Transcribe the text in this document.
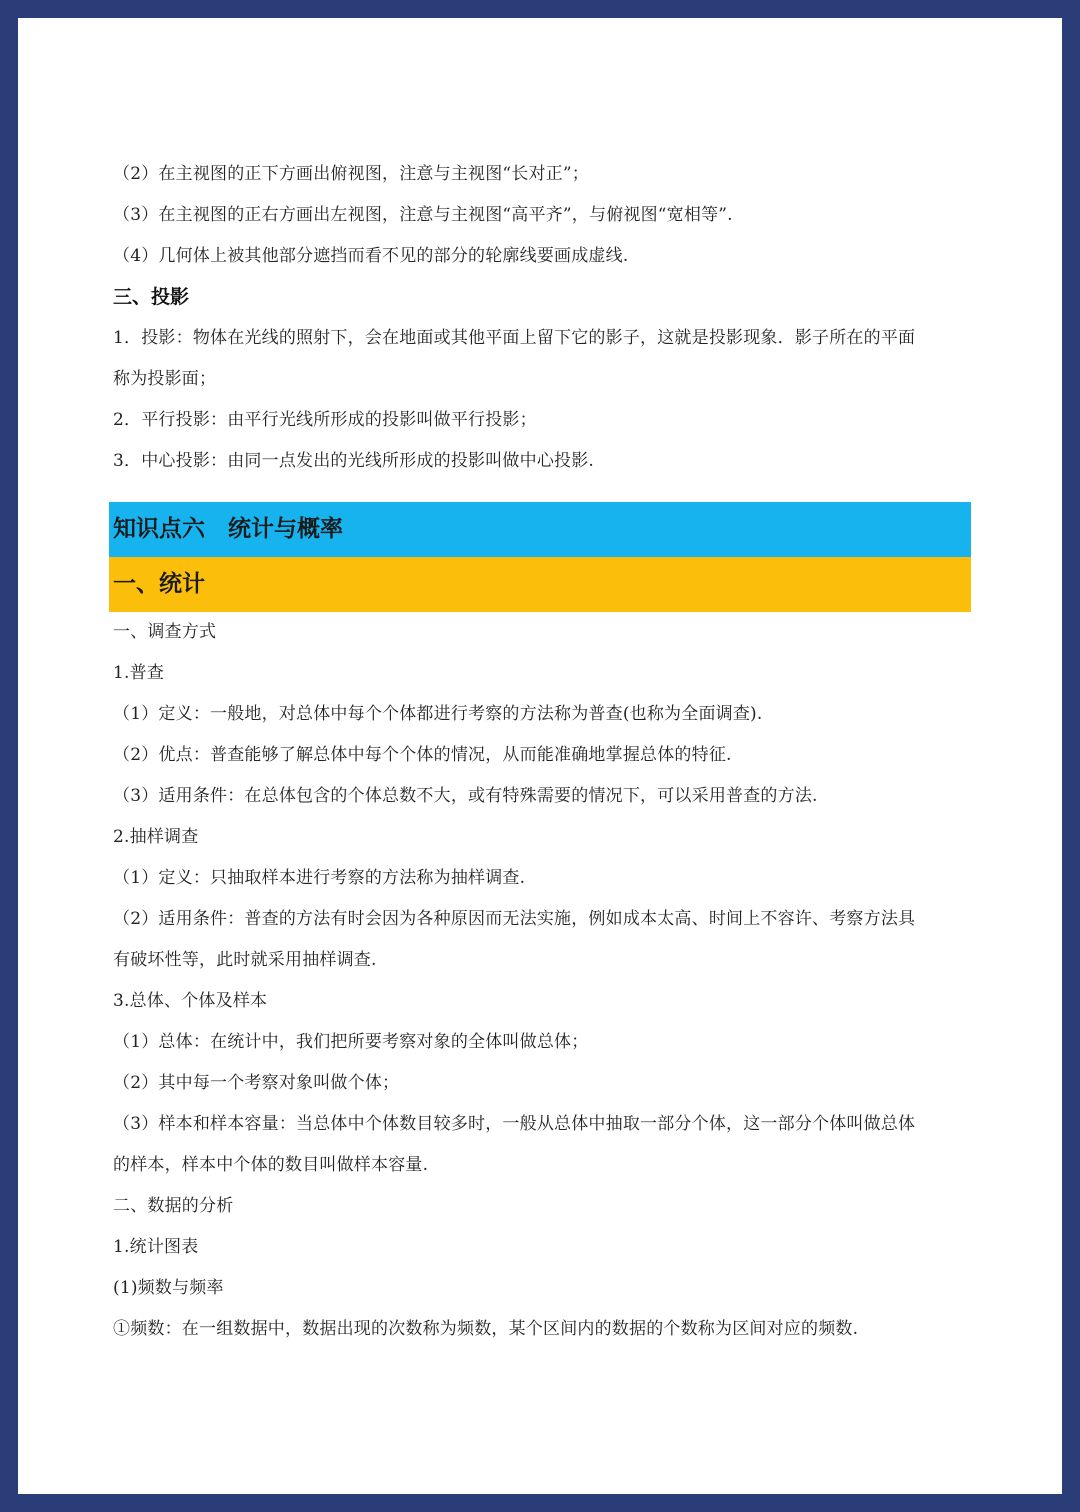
（2）在主视图的正下方画出俯视图，注意与主视图“长对正”；
（3）在主视图的正右方画出左视图，注意与主视图“高平齐”，与俯视图“宽相等”.
（4）几何体上被其他部分遮挡而看不见的部分的轮廓线要画成虚线.
三、投影
1．投影：物体在光线的照射下，会在地面或其他平面上留下它的影子，这就是投影现象．影子所在的平面
称为投影面；
2．平行投影：由平行光线所形成的投影叫做平行投影；
3．中心投影：由同一点发出的光线所形成的投影叫做中心投影.
知识点六　统计与概率
一、统计
一、调查方式
1.普查
（1）定义：一般地，对总体中每个个体都进行考察的方法称为普查(也称为全面调查).
（2）优点：普查能够了解总体中每个个体的情况，从而能准确地掌握总体的特征.
（3）适用条件：在总体包含的个体总数不大，或有特殊需要的情况下，可以采用普查的方法.
2.抽样调查
（1）定义：只抽取样本进行考察的方法称为抽样调查.
（2）适用条件：普查的方法有时会因为各种原因而无法实施，例如成本太高、时间上不容许、考察方法具
有破坏性等，此时就采用抽样调查.
3.总体、个体及样本
（1）总体：在统计中，我们把所要考察对象的全体叫做总体；
（2）其中每一个考察对象叫做个体；
（3）样本和样本容量：当总体中个体数目较多时，一般从总体中抽取一部分个体，这一部分个体叫做总体
的样本，样本中个体的数目叫做样本容量.
二、数据的分析
1.统计图表
(1)频数与频率
①频数：在一组数据中，数据出现的次数称为频数，某个区间内的数据的个数称为区间对应的频数.
